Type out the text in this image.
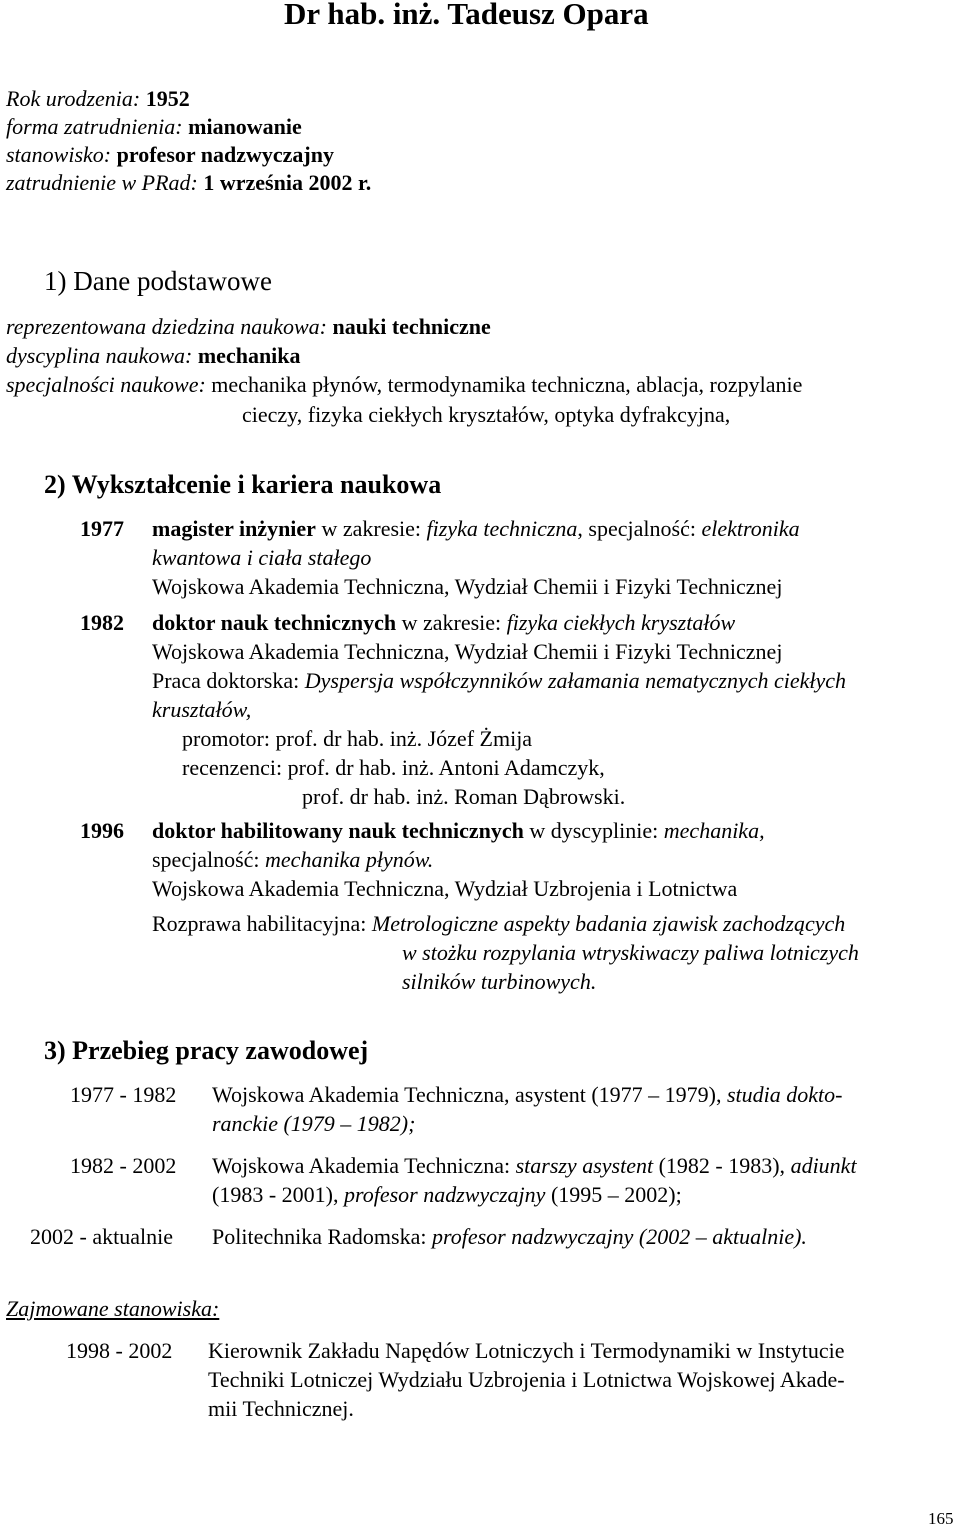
Dr hab. inż. Tadeusz Opara
Rok urodzenia: 1952
forma zatrudnienia: mianowanie
stanowisko: profesor nadzwyczajny
zatrudnienie w PRad: 1 września 2002 r.
1) Dane podstawowe
reprezentowana dziedzina naukowa: nauki techniczne
dyscyplina naukowa: mechanika
specjalności naukowe: mechanika płynów, termodynamika techniczna, ablacja, rozpylanie
cieczy, fizyka ciekłych kryształów, optyka dyfrakcyjna,
2) Wykształcenie i kariera naukowa
1977 magister inżynier w zakresie: fizyka techniczna, specjalność: elektronika
kwantowa i ciała stałego
Wojskowa Akademia Techniczna, Wydział Chemii i Fizyki Technicznej
1982 doktor nauk technicznych w zakresie: fizyka ciekłych kryształów
Wojskowa Akademia Techniczna, Wydział Chemii i Fizyki Technicznej
Praca doktorska: Dyspersja współczynników załamania nematycznych ciekłych
kruształów,
promotor: prof. dr hab. inż. Józef Żmija
recenzenci: prof. dr hab. inż. Antoni Adamczyk,
prof. dr hab. inż. Roman Dąbrowski.
1996 doktor habilitowany nauk technicznych w dyscyplinie: mechanika,
specjalność: mechanika płynów.
Wojskowa Akademia Techniczna, Wydział Uzbrojenia i Lotnictwa
Rozprawa habilitacyjna: Metrologiczne aspekty badania zjawisk zachodzących
w stożku rozpylania wtryskiwaczy paliwa lotniczych
silników turbinowych.
3) Przebieg pracy zawodowej
1977 - 1982 Wojskowa Akademia Techniczna, asystent (1977 – 1979), studia dokto-
ranckie (1979 – 1982);
1982 - 2002 Wojskowa Akademia Techniczna: starszy asystent (1982 - 1983), adiunkt
(1983 - 2001), profesor nadzwyczajny (1995 – 2002);
2002 - aktualnie Politechnika Radomska: profesor nadzwyczajny (2002 – aktualnie).
Zajmowane stanowiska:
1998 - 2002 Kierownik Zakładu Napędów Lotniczych i Termodynamiki w Instytucie
Techniki Lotniczej Wydziału Uzbrojenia i Lotnictwa Wojskowej Akade-
mii Technicznej.
165
